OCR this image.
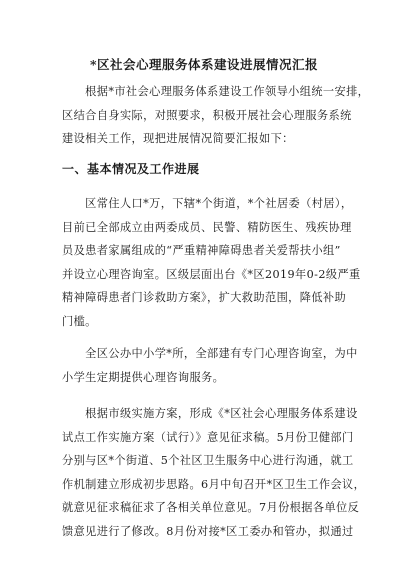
*区社会心理服务体系建设进展情况汇报
　　根据*市社会心理服务体系建设工作领导小组统一安排，
区结合自身实际，对照要求，积极开展社会心理服务系统
建设相关工作，现把进展情况简要汇报如下：
一、基本情况及工作进展
　　区常住人口*万，下辖*个街道，*个社居委（村居），
目前已全部成立由两委成员、民警、精防医生、残疾协理
员及患者家属组成的“严重精神障碍患者关爱帮扶小组”
并设立心理咨询室。区级层面出台《*区2019年0-2级严重
精神障碍患者门诊救助方案》，扩大救助范围，降低补助
门槛。
　　全区公办中小学*所，全部建有专门心理咨询室，为中
小学生定期提供心理咨询服务。
　　根据市级实施方案，形成《*区社会心理服务体系建设
试点工作实施方案（试行）》意见征求稿。5月份卫健部门
分别与区*个街道、5个社区卫生服务中心进行沟通，就工
作机制建立形成初步思路。6月中旬召开*区卫生工作会议，
就意见征求稿征求了各相关单位意见。7月份根据各单位反
馈意见进行了修改。8月份对接*区工委办和管办，拟通过
